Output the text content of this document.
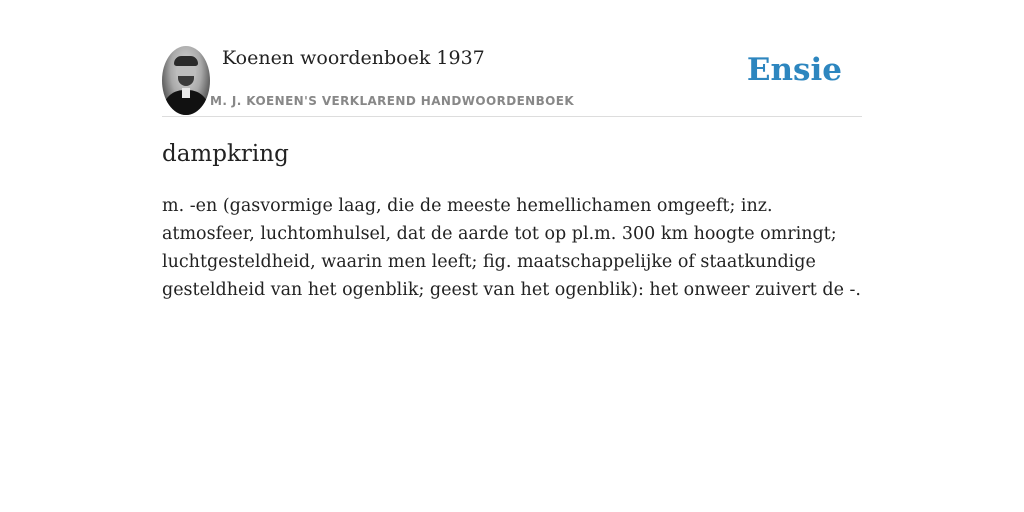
Koenen woordenboek 1937
M. J. KOENEN'S VERKLAREND HANDWOORDENBOEK
Ensie
dampkring

m. -en (gasvormige laag, die de meeste hemellichamen omgeeft; inz. atmosfeer, luchtomhulsel, dat de aarde tot op pl.m. 300 km hoogte omringt; luchtgesteldheid, waarin men leeft; fig. maatschappelijke of staatkundige gesteldheid van het ogenblik; geest van het ogenblik): het onweer zuivert de -.
